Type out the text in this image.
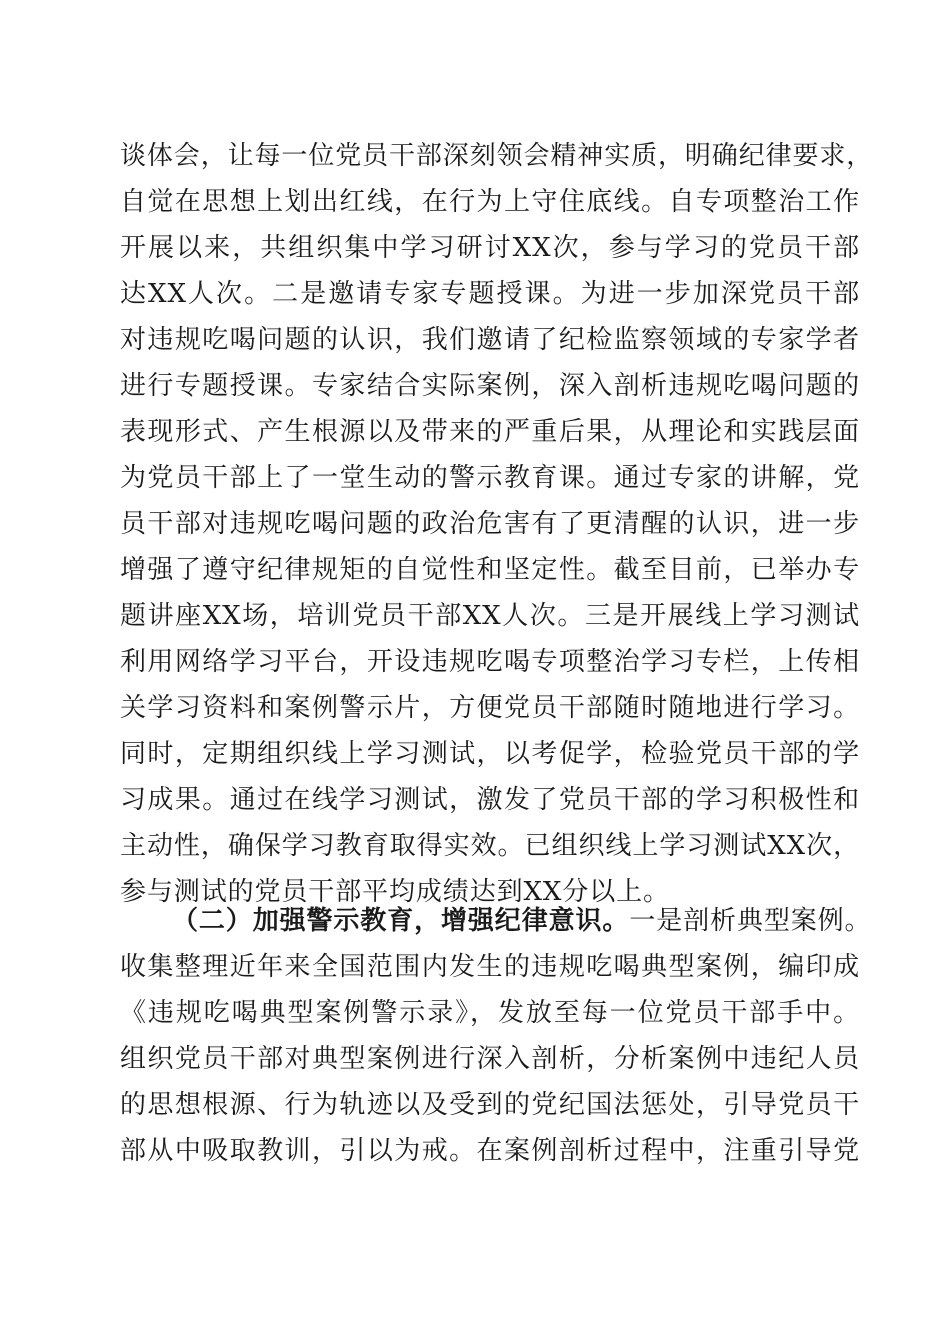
谈体会，让每一位党员干部深刻领会精神实质，明确纪律要求，
自觉在思想上划出红线，在行为上守住底线。自专项整治工作
开展以来，共组织集中学习研讨XX次，参与学习的党员干部
达XX人次。二是邀请专家专题授课。为进一步加深党员干部
对违规吃喝问题的认识，我们邀请了纪检监察领域的专家学者
进行专题授课。专家结合实际案例，深入剖析违规吃喝问题的
表现形式、产生根源以及带来的严重后果，从理论和实践层面
为党员干部上了一堂生动的警示教育课。通过专家的讲解，党
员干部对违规吃喝问题的政治危害有了更清醒的认识，进一步
增强了遵守纪律规矩的自觉性和坚定性。截至目前，已举办专
题讲座XX场，培训党员干部XX人次。三是开展线上学习测试
利用网络学习平台，开设违规吃喝专项整治学习专栏，上传相
关学习资料和案例警示片，方便党员干部随时随地进行学习。
同时，定期组织线上学习测试，以考促学，检验党员干部的学
习成果。通过在线学习测试，激发了党员干部的学习积极性和
主动性，确保学习教育取得实效。已组织线上学习测试XX次，
参与测试的党员干部平均成绩达到XX分以上。
（二）加强警示教育，增强纪律意识。一是剖析典型案例。
收集整理近年来全国范围内发生的违规吃喝典型案例，编印成
《违规吃喝典型案例警示录》，发放至每一位党员干部手中。
组织党员干部对典型案例进行深入剖析，分析案例中违纪人员
的思想根源、行为轨迹以及受到的党纪国法惩处，引导党员干
部从中吸取教训，引以为戒。在案例剖析过程中，注重引导党
